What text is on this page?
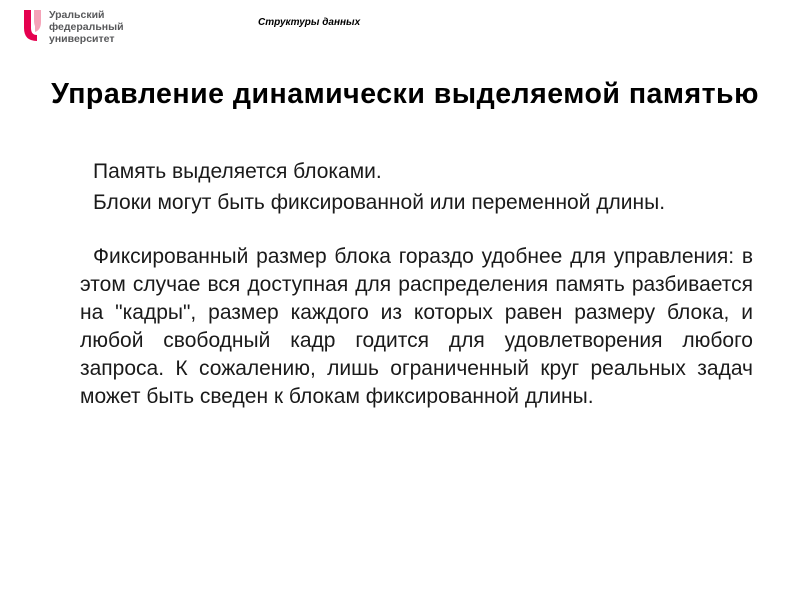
Уральский
федеральный
университет
Структуры данных
Управление динамически выделяемой памятью

Память выделяется блоками.

Блоки могут быть фиксированной или переменной длины.

Фиксированный размер блока гораздо удобнее для управления: в этом случае вся доступная для распределения память разбивается на "кадры", размер каждого из которых равен размеру блока, и любой свободный кадр годится для удовлетворения любого запроса. К сожалению, лишь ограниченный круг реальных задач может быть сведен к блокам фиксированной длины.
